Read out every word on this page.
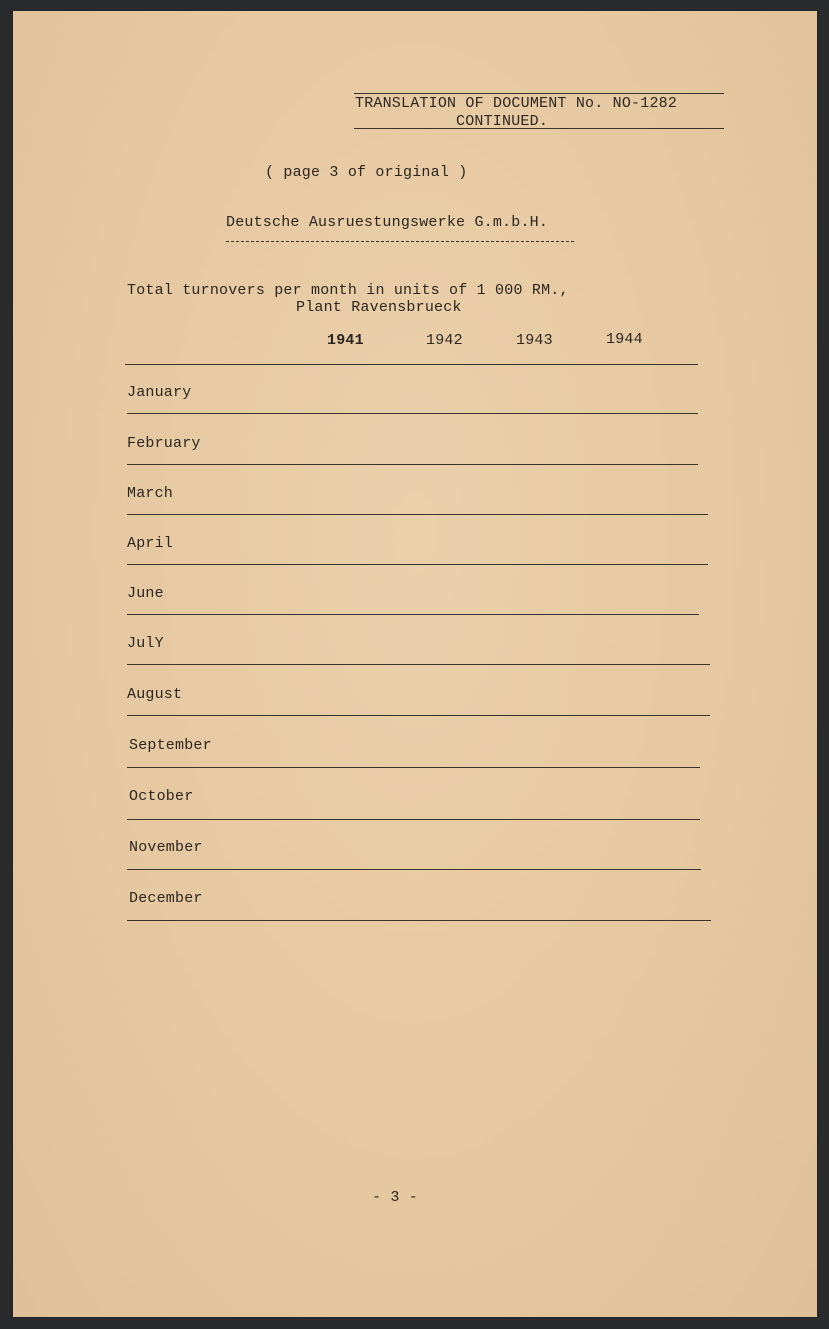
TRANSLATION OF DOCUMENT No. NO-1282
CONTINUED.
( page 3 of original )
Deutsche Ausruestungswerke G.m.b.H.
Total turnovers per month in units of 1 000 RM.,
Plant Ravensbrueck
1941	1942	1943	1944
January
February
March
April
June
JulY
August
September
October
November
December
- 3 -
